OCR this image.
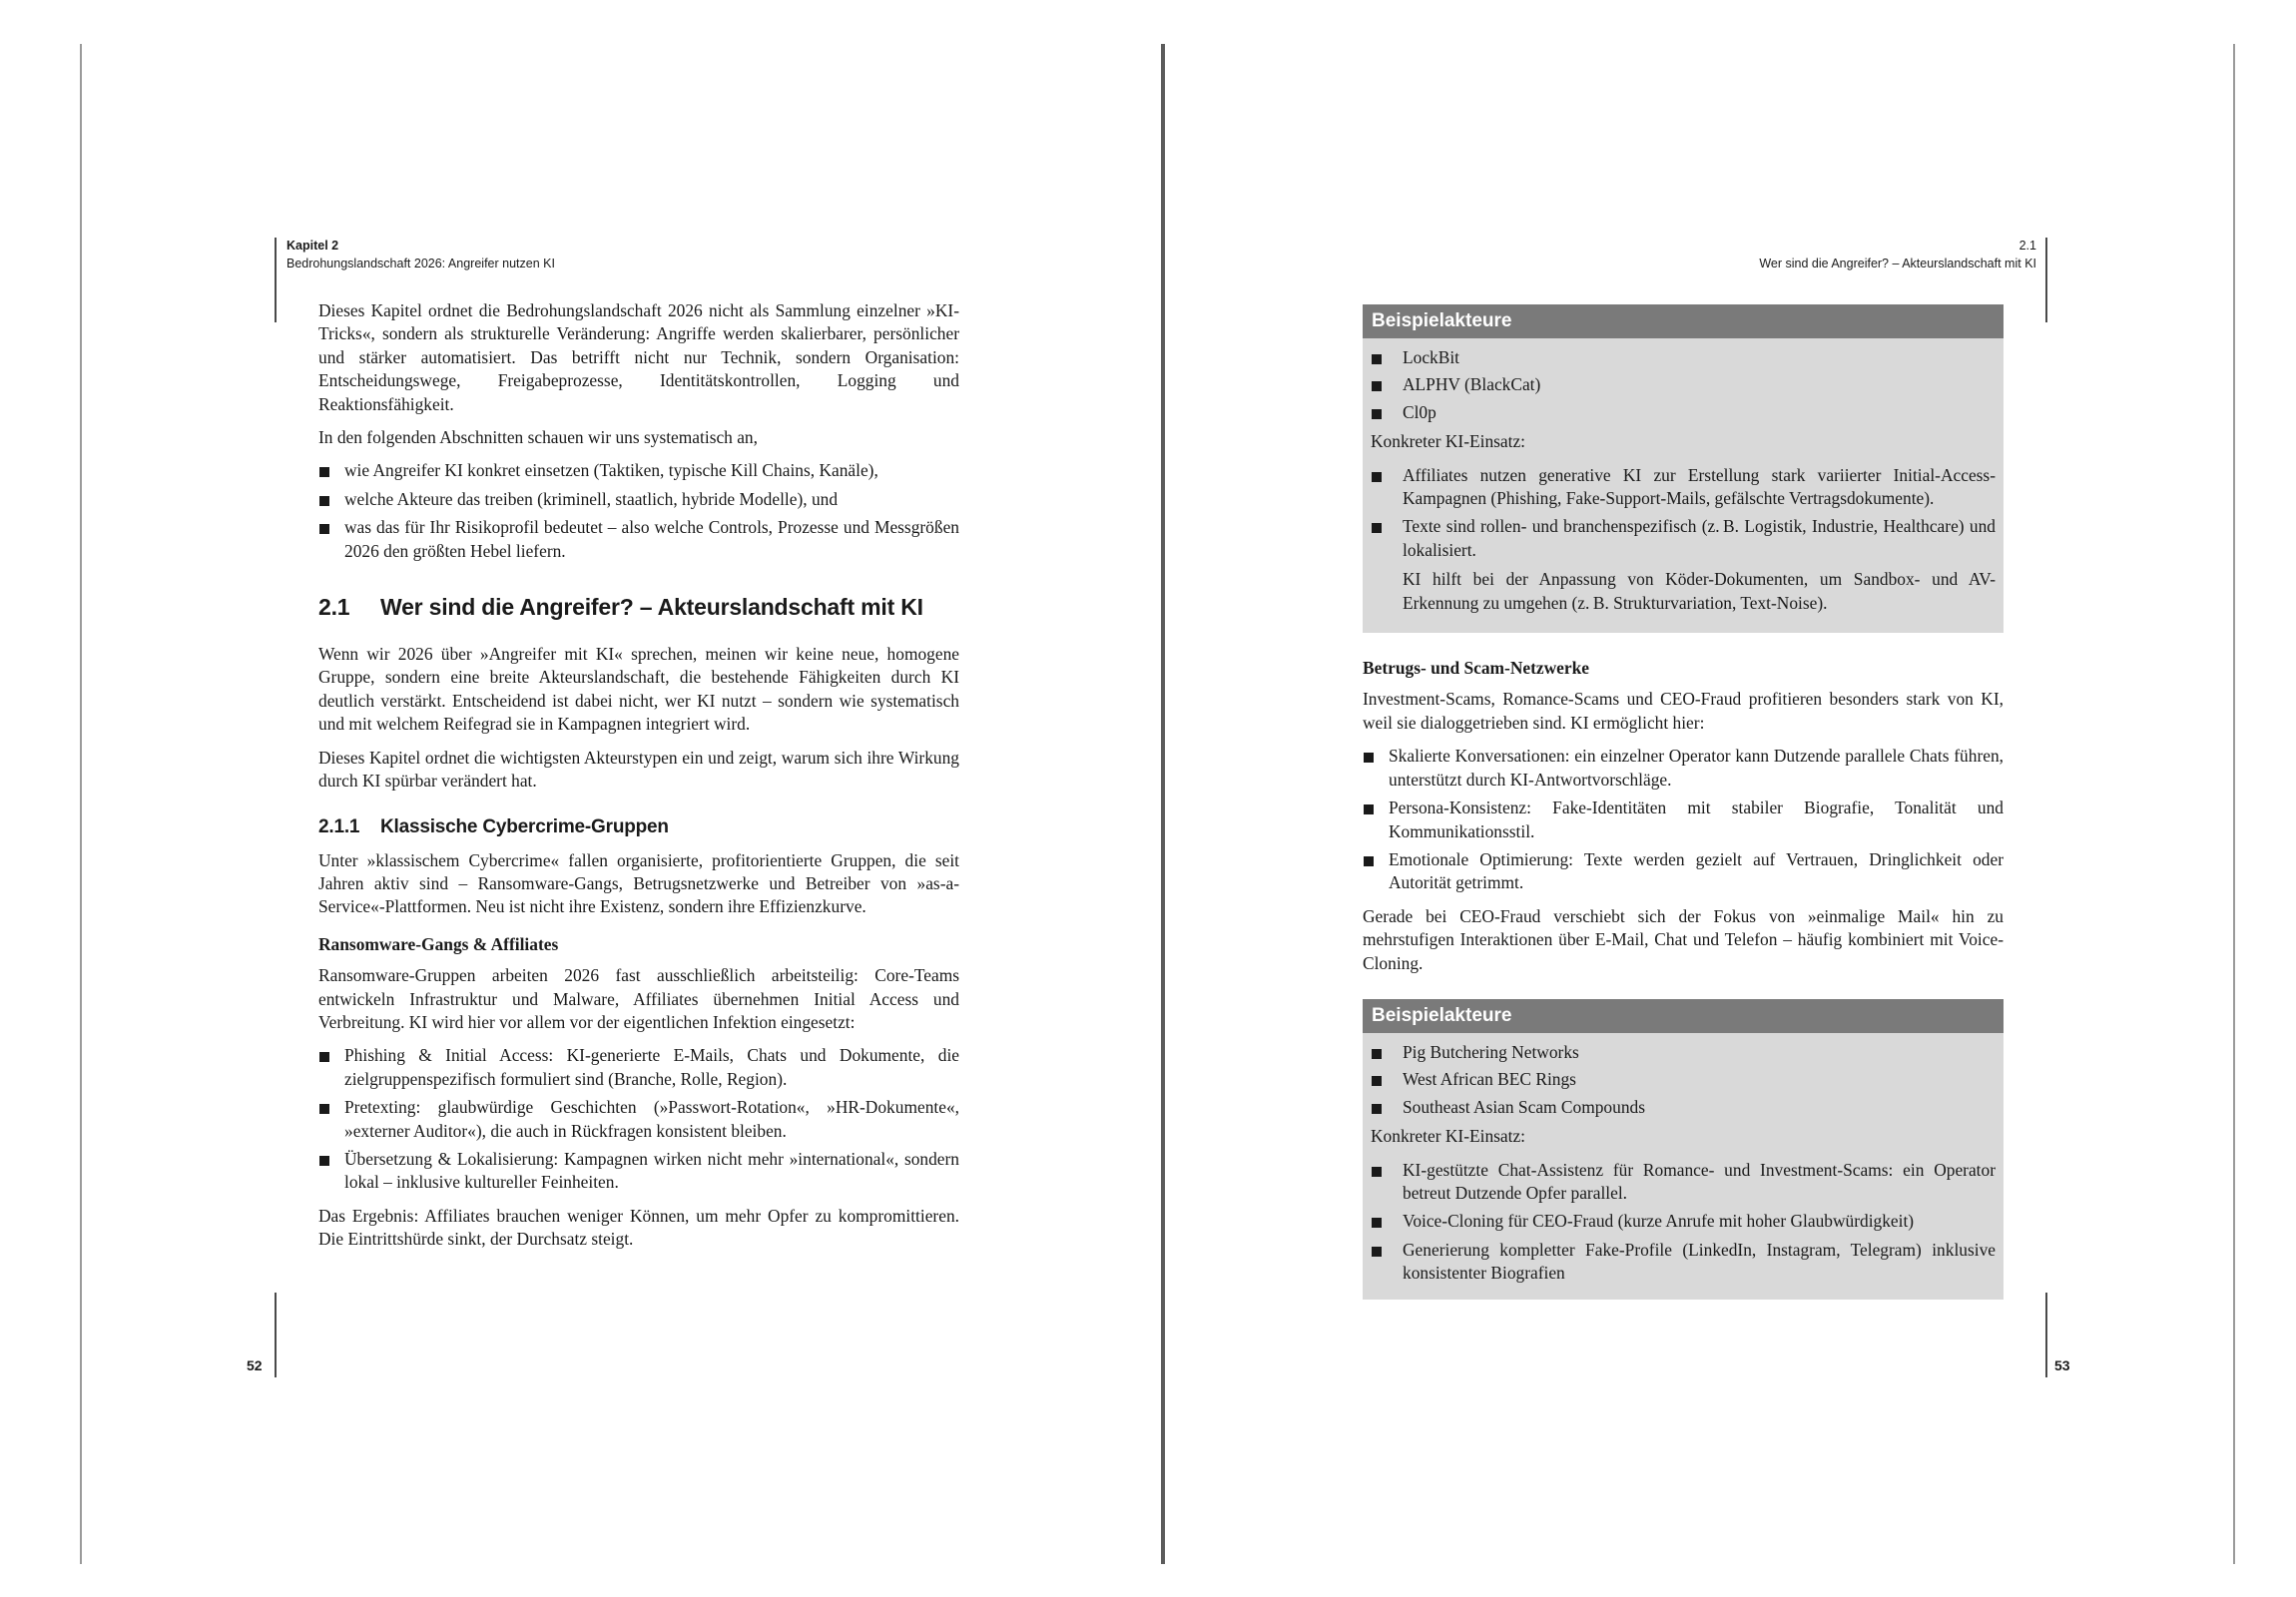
Kapitel 2
Bedrohungslandschaft 2026: Angreifer nutzen KI
2.1
Wer sind die Angreifer? – Akteurslandschaft mit KI
52	53

Dieses Kapitel ordnet die Bedrohungslandschaft 2026 nicht als Sammlung einzelner »KI-Tricks«, sondern als strukturelle Veränderung: Angriffe werden skalierbarer, persönlicher und stärker automatisiert. Das betrifft nicht nur Technik, sondern Organisation: Entscheidungswege, Freigabeprozesse, Identitätskontrollen, Logging und Reaktionsfähigkeit.

In den folgenden Abschnitten schauen wir uns systematisch an,

wie Angreifer KI konkret einsetzen (Taktiken, typische Kill Chains, Kanäle),
welche Akteure das treiben (kriminell, staatlich, hybride Modelle), und
was das für Ihr Risikoprofil bedeutet – also welche Controls, Prozesse und Messgrößen 2026 den größten Hebel liefern.
2.1 Wer sind die Angreifer? – Akteurslandschaft mit KI

Wenn wir 2026 über »Angreifer mit KI« sprechen, meinen wir keine neue, homogene Gruppe, sondern eine breite Akteurslandschaft, die bestehende Fähigkeiten durch KI deutlich verstärkt. Entscheidend ist dabei nicht, wer KI nutzt – sondern wie systematisch und mit welchem Reifegrad sie in Kampagnen integriert wird.

Dieses Kapitel ordnet die wichtigsten Akteurstypen ein und zeigt, warum sich ihre Wirkung durch KI spürbar verändert hat.

2.1.1 Klassische Cybercrime-Gruppen

Unter »klassischem Cybercrime« fallen organisierte, profitorientierte Gruppen, die seit Jahren aktiv sind – Ransomware-Gangs, Betrugsnetzwerke und Betreiber von »as-a-Service«-Plattformen. Neu ist nicht ihre Existenz, sondern ihre Effizienzkurve.

Ransomware-Gangs & Affiliates

Ransomware-Gruppen arbeiten 2026 fast ausschließlich arbeitsteilig: Core-Teams entwickeln Infrastruktur und Malware, Affiliates übernehmen Initial Access und Verbreitung. KI wird hier vor allem vor der eigentlichen Infektion eingesetzt:

Phishing & Initial Access: KI-generierte E-Mails, Chats und Dokumente, die zielgruppenspezifisch formuliert sind (Branche, Rolle, Region).
Pretexting: glaubwürdige Geschichten (»Passwort-Rotation«, »HR-Dokumente«, »externer Auditor«), die auch in Rückfragen konsistent bleiben.
Übersetzung & Lokalisierung: Kampagnen wirken nicht mehr »international«, sondern lokal – inklusive kultureller Feinheiten.

Das Ergebnis: Affiliates brauchen weniger Können, um mehr Opfer zu kompromittieren. Die Eintrittshürde sinkt, der Durchsatz steigt.

Beispielakteure
LockBit
ALPHV (BlackCat)
Cl0p

Konkreter KI-Einsatz:

Affiliates nutzen generative KI zur Erstellung stark variierter Initial-Access-Kampagnen (Phishing, Fake-Support-Mails, gefälschte Vertragsdokumente).
Texte sind rollen- und branchenspezifisch (z. B. Logistik, Industrie, Healthcare) und lokalisiert.

KI hilft bei der Anpassung von Köder-Dokumenten, um Sandbox- und AV-Erkennung zu umgehen (z. B. Strukturvariation, Text-Noise).

Betrugs- und Scam-Netzwerke

Investment-Scams, Romance-Scams und CEO-Fraud profitieren besonders stark von KI, weil sie dialoggetrieben sind. KI ermöglicht hier:

Skalierte Konversationen: ein einzelner Operator kann Dutzende parallele Chats führen, unterstützt durch KI-Antwortvorschläge.
Persona-Konsistenz: Fake-Identitäten mit stabiler Biografie, Tonalität und Kommunikationsstil.
Emotionale Optimierung: Texte werden gezielt auf Vertrauen, Dringlichkeit oder Autorität getrimmt.

Gerade bei CEO-Fraud verschiebt sich der Fokus von »einmalige Mail« hin zu mehrstufigen Interaktionen über E-Mail, Chat und Telefon – häufig kombiniert mit Voice-Cloning.

Beispielakteure
Pig Butchering Networks
West African BEC Rings
Southeast Asian Scam Compounds

Konkreter KI-Einsatz:

KI-gestützte Chat-Assistenz für Romance- und Investment-Scams: ein Operator betreut Dutzende Opfer parallel.
Voice-Cloning für CEO-Fraud (kurze Anrufe mit hoher Glaubwürdigkeit)
Generierung kompletter Fake-Profile (LinkedIn, Instagram, Telegram) inklusive konsistenter Biografien
